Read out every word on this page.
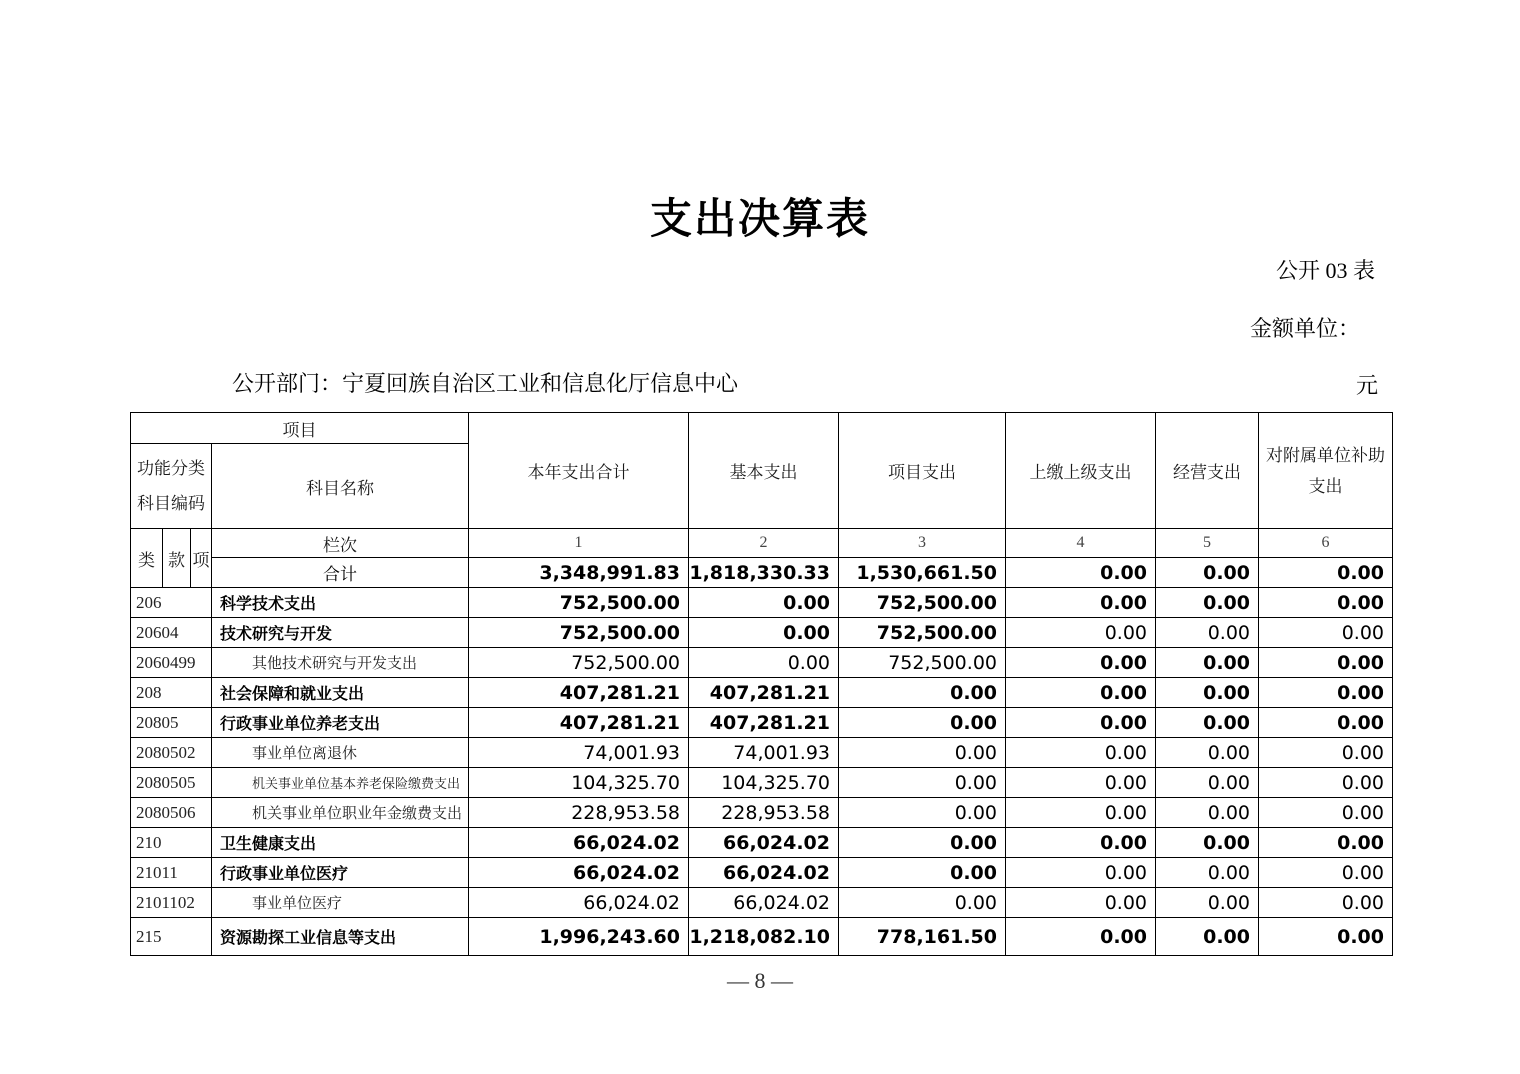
支出决算表
公开 03 表
金额单位：
公开部门：宁夏回族自治区工业和信息化厅信息中心	元
项目				本年支出合计	基本支出	项目支出	上缴上级支出	经营支出	对附属单位补助
支出

功能分类
科目编码			科目名称						
类	款	项	栏次	1	2	3	4	5	6
			合计	3,348,991.83	1,818,330.33	1,530,661.50	0.00	0.00	0.00
206			科学技术支出	752,500.00	0.00	752,500.00	0.00	0.00	0.00
20604			技术研究与开发	752,500.00	0.00	752,500.00	0.00	0.00	0.00
2060499			其他技术研究与开发支出	752,500.00	0.00	752,500.00	0.00	0.00	0.00
208			社会保障和就业支出	407,281.21	407,281.21	0.00	0.00	0.00	0.00
20805			行政事业单位养老支出	407,281.21	407,281.21	0.00	0.00	0.00	0.00
2080502			事业单位离退休	74,001.93	74,001.93	0.00	0.00	0.00	0.00
2080505			机关事业单位基本养老保险缴费支出	104,325.70	104,325.70	0.00	0.00	0.00	0.00
2080506			机关事业单位职业年金缴费支出	228,953.58	228,953.58	0.00	0.00	0.00	0.00
210			卫生健康支出	66,024.02	66,024.02	0.00	0.00	0.00	0.00
21011			行政事业单位医疗	66,024.02	66,024.02	0.00	0.00	0.00	0.00
2101102			事业单位医疗	66,024.02	66,024.02	0.00	0.00	0.00	0.00
215			资源勘探工业信息等支出	1,996,243.60	1,218,082.10	778,161.50	0.00	0.00	0.00
— 8 —
